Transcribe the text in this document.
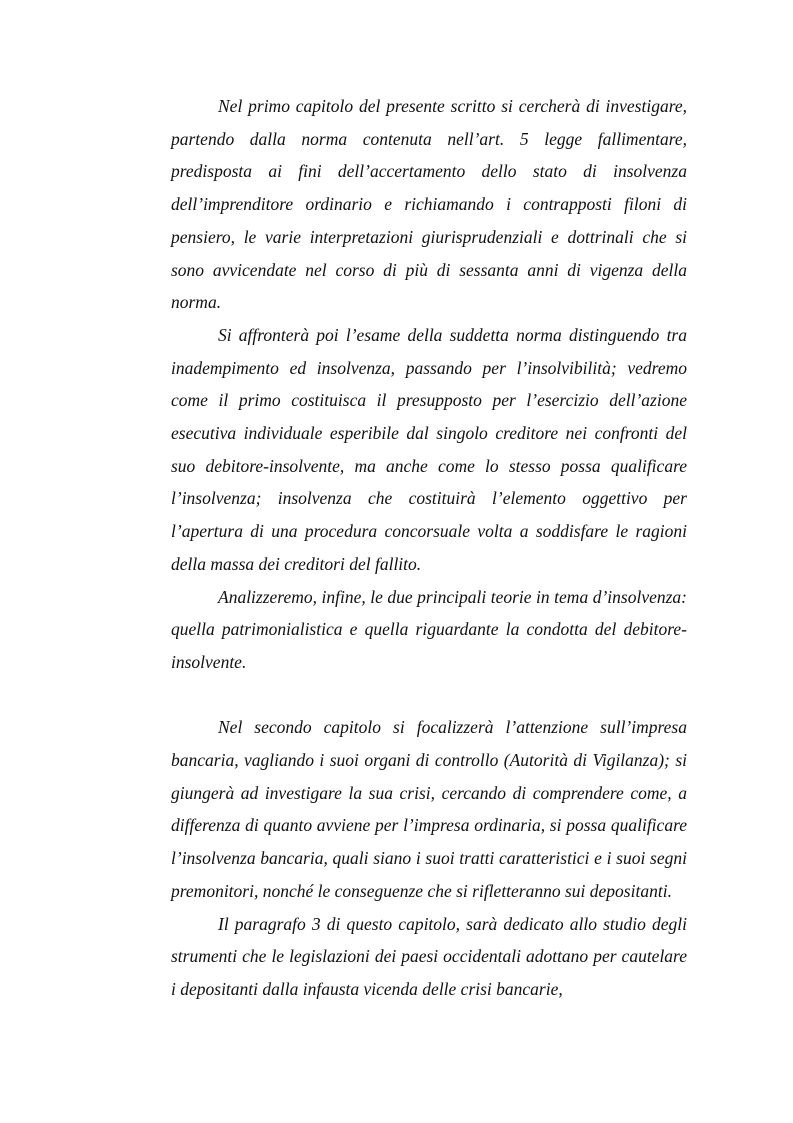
Nel primo capitolo del presente scritto si cercherà di investigare, partendo dalla norma contenuta nell’art. 5 legge fallimentare, predisposta ai fini dell’accertamento dello stato di insolvenza dell’imprenditore ordinario e richiamando i contrapposti filoni di pensiero, le varie interpretazioni giurisprudenziali e dottrinali che si sono avvicendate nel corso di più di sessanta anni di vigenza della norma.

Si affronterà poi l’esame della suddetta norma distinguendo tra inadempimento ed insolvenza, passando per l’insolvibilità; vedremo come il primo costituisca il presupposto per l’esercizio dell’azione esecutiva individuale esperibile dal singolo creditore nei confronti del suo debitore-insolvente, ma anche come lo stesso possa qualificare l’insolvenza; insolvenza che costituirà l’elemento oggettivo per l’apertura di una procedura concorsuale volta a soddisfare le ragioni della massa dei creditori del fallito.

Analizzeremo, infine, le due principali teorie in tema d’insolvenza: quella patrimonialistica e quella riguardante la condotta del debitore- insolvente.

Nel secondo capitolo si focalizzerà l’attenzione sull’impresa bancaria, vagliando i suoi organi di controllo (Autorità di Vigilanza); si giungerà ad investigare la sua crisi, cercando di comprendere come, a differenza di quanto avviene per l’impresa ordinaria, si possa qualificare l’insolvenza bancaria, quali siano i suoi tratti caratteristici e i suoi segni premonitori, nonché le conseguenze che si rifletteranno sui depositanti.

Il paragrafo 3 di questo capitolo, sarà dedicato allo studio degli strumenti che le legislazioni dei paesi occidentali adottano per cautelare i depositanti dalla infausta vicenda delle crisi bancarie,
